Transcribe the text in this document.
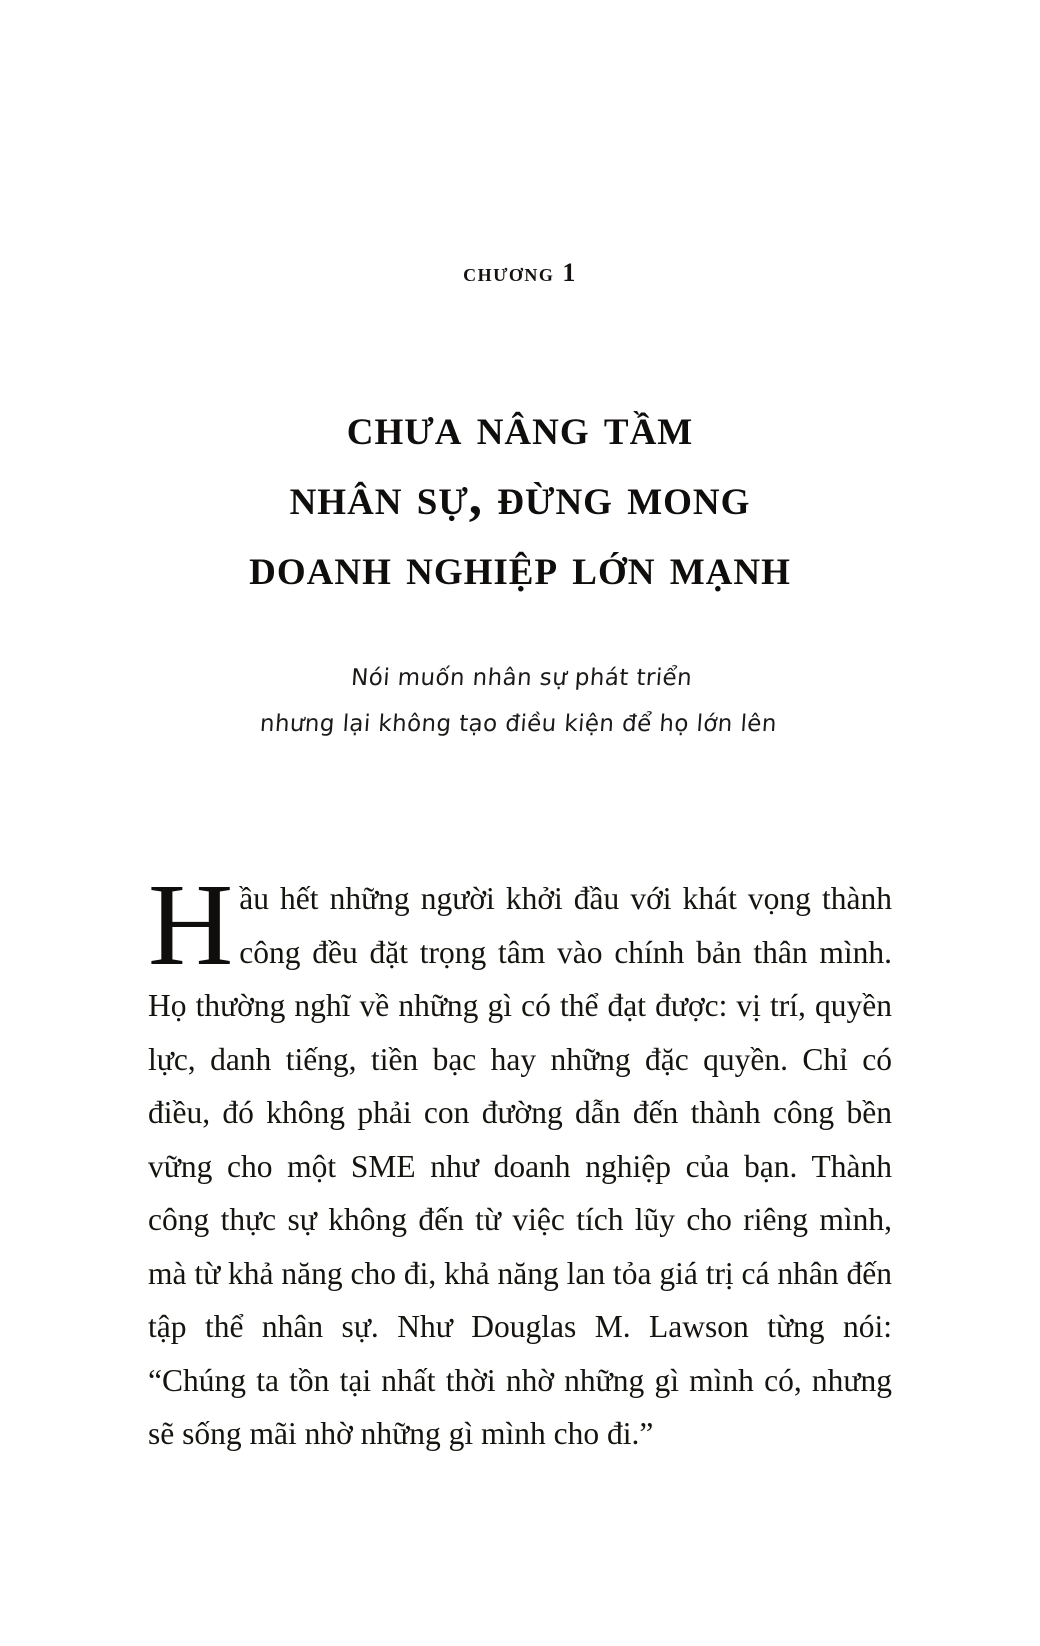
chương 1
chưa nâng tầm
nhân sự, đừng mong
doanh nghiệp lớn mạnh
Nói muốn nhân sự phát triển
nhưng lại không tạo điều kiện để họ lớn lên

Hầu hết những người khởi đầu với khát vọng thành công đều đặt trọng tâm vào chính bản thân mình. Họ thường nghĩ về những gì có thể đạt được: vị trí, quyền lực, danh tiếng, tiền bạc hay những đặc quyền. Chỉ có điều, đó không phải con đường dẫn đến thành công bền vững cho một SME như doanh nghiệp của bạn. Thành công thực sự không đến từ việc tích lũy cho riêng mình, mà từ khả năng cho đi, khả năng lan tỏa giá trị cá nhân đến tập thể nhân sự. Như Douglas M. Lawson từng nói: “Chúng ta tồn tại nhất thời nhờ những gì mình có, nhưng sẽ sống mãi nhờ những gì mình cho đi.”
